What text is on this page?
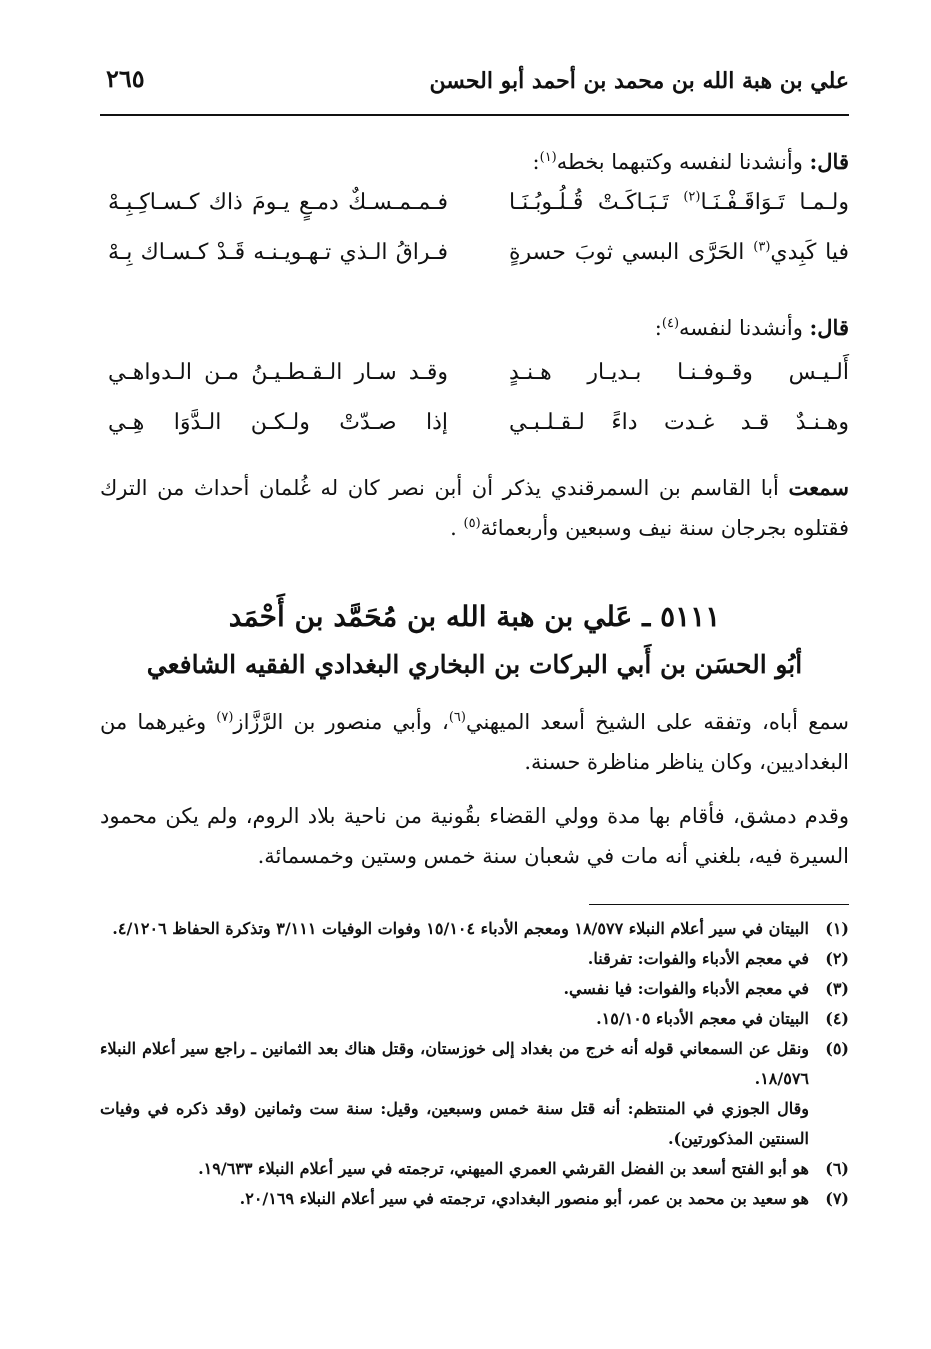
علي بن هبة الله بن محمد بن أحمد أبو الحسن
٢٦٥
قال: وأنشدنا لنفسه وكتبهما بخطه$^{(١)}$:
ولـمـا تَـوَاقَـفْـنَـا$^{(٢)}$ تَـبَـاكَـتْ قُـلُـوبُـنَـا
فـمـمـسـكٌ دمـعٍ يـومَ ذاك كـسـاكِـبِـهْ
فيا كَبِدي$^{(٣)}$ الحَرَّى البسي ثوبَ حسرةٍ
فـراقُ الـذي تـهـويـنـه قَـدْ كـسـاك بِـهْ
قال: وأنشدنا لنفسه$^{(٤)}$:
أَلـيـس وقـوفـنـا بـديـار هـنـدٍ
وقـد سـار الـقـطـيـنُ مـن الـدواهـي
وهـنـدٌ قـد غـدت داءً لـقـلـبـي
إذا صـدّتْ ولـكـن الـدَّوَا هِـي
سمعت أبا القاسم بن السمرقندي يذكر أن أبن نصر كان له غُلمان أحداث من الترك فقتلوه بجرجان سنة نيف وسبعين وأربعمائة$^{(٥)}$ .
٥١١١ ـ عَلي بن هبة الله بن مُحَمَّد بن أَحْمَد
أبُو الحسَن بن أَبي البركات بن البخاري البغدادي الفقيه الشافعي
سمع أباه، وتفقه على الشيخ أسعد الميهني$^{(٦)}$، وأبي منصور بن الرَّزَّاز$^{(٧)}$ وغيرهما من البغداديين، وكان يناظر مناظرة حسنة.
وقدم دمشق، فأقام بها مدة وولي القضاء بقُونية من ناحية بلاد الروم، ولم يكن محمود السيرة فيه، بلغني أنه مات في شعبان سنة خمس وستين وخمسمائة.
(١)
البيتان في سير أعلام النبلاء ١٨/٥٧٧ ومعجم الأدباء ١٥/١٠٤ وفوات الوفيات ٣/١١١ وتذكرة الحفاظ ٤/١٢٠٦.
(٢)
في معجم الأدباء والفوات: تفرقنا.
(٣)
في معجم الأدباء والفوات: فيا نفسي.
(٤)
البيتان في معجم الأدباء ١٥/١٠٥.
(٥)
ونقل عن السمعاني قوله أنه خرج من بغداد إلى خوزستان، وقتل هناك بعد الثمانين ـ راجع سير أعلام النبلاء ١٨/٥٧٦.
وقال الجوزي في المنتظم: أنه قتل سنة خمس وسبعين، وقيل: سنة ست وثمانين (وقد ذكره في وفيات السنتين المذكورتين).
(٦)
هو أبو الفتح أسعد بن الفضل القرشي العمري الميهني، ترجمته في سير أعلام النبلاء ١٩/٦٣٣.
(٧)
هو سعيد بن محمد بن عمر، أبو منصور البغدادي، ترجمته في سير أعلام النبلاء ٢٠/١٦٩.
